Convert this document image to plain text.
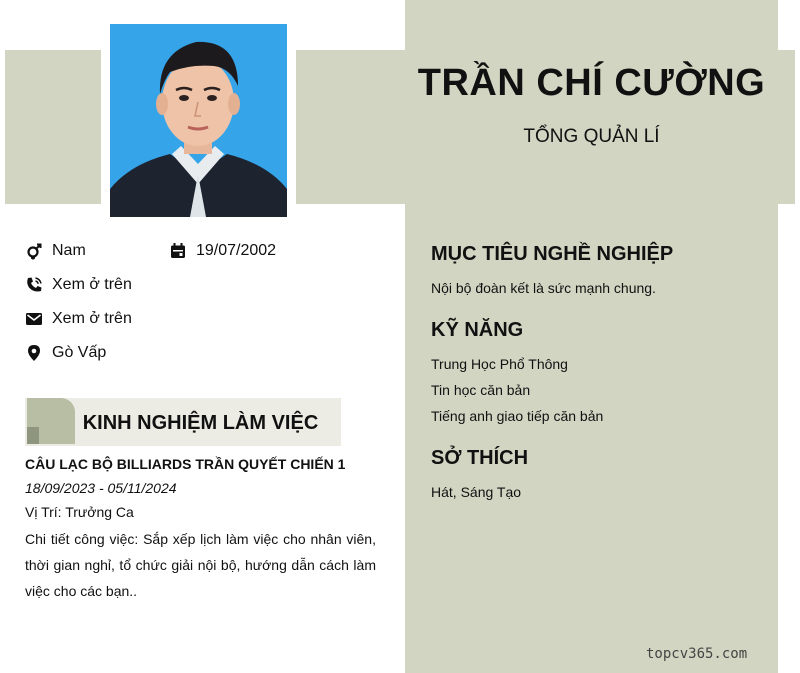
TRẦN CHÍ CƯỜNG
TỔNG QUẢN LÍ
Nam	19/07/2002
Xem ở trên
Xem ở trên
Gò Vấp
KINH NGHIỆM LÀM VIỆC
CÂU LẠC BỘ BILLIARDS TRẦN QUYẾT CHIẾN 1
18/09/2023 - 05/11/2024
Vị Trí: Trưởng Ca
Chi tiết công việc: Sắp xếp lịch làm việc cho nhân viên, thời gian nghỉ, tổ chức giải nội bộ, hướng dẫn cách làm việc cho các bạn..
MỤC TIÊU NGHỀ NGHIỆP
Nội bộ đoàn kết là sức mạnh chung.
KỸ NĂNG
Trung Học Phổ Thông
Tin học căn bản
Tiếng anh giao tiếp căn bản
SỞ THÍCH
Hát, Sáng Tạo
topcv365.com
